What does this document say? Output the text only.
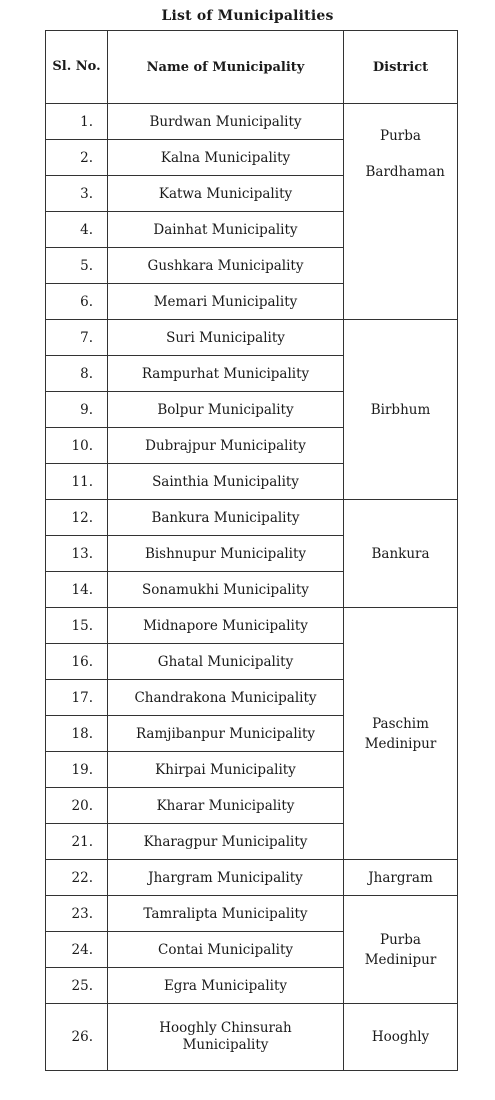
List of Municipalities
Sl. No.	Name of Municipality	District
1.	Burdwan Municipality	Purba Bardhaman

2.	Kalna Municipality	
3.	Katwa Municipality	
4.	Dainhat Municipality	
5.	Gushkara Municipality	
6.	Memari Municipality	
7.	Suri Municipality	Birbhum
8.	Rampurhat Municipality	
9.	Bolpur Municipality	
10.	Dubrajpur Municipality	
11.	Sainthia Municipality	
12.	Bankura Municipality	Bankura
13.	Bishnupur Municipality	
14.	Sonamukhi Municipality	
15.	Midnapore Municipality	Paschim Medinipur

16.	Ghatal Municipality	
17.	Chandrakona Municipality	
18.	Ramjibanpur Municipality	
19.	Khirpai Municipality	
20.	Kharar Municipality	
21.	Kharagpur Municipality	
22.	Jhargram Municipality	Jhargram
23.	Tamralipta Municipality	Purba Medinipur

24.	Contai Municipality	
25.	Egra Municipality	
26.	Hooghly Chinsurah Municipality	Hooghly
